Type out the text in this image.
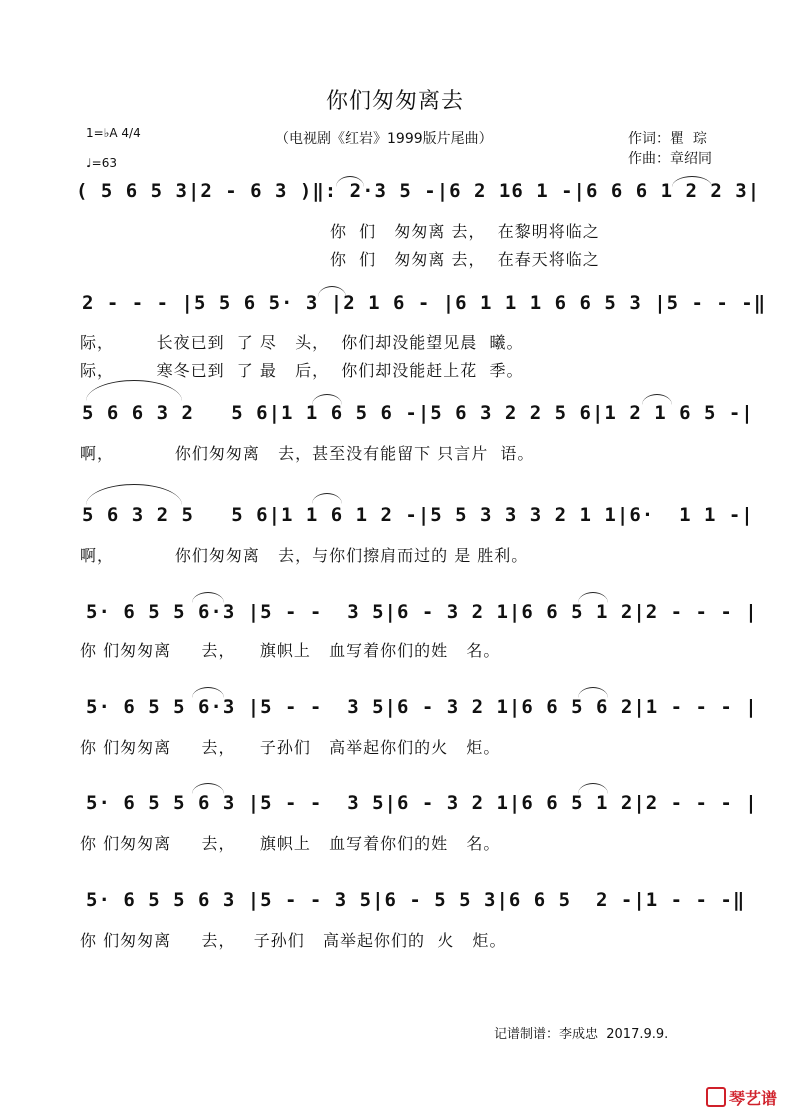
你们匆匆离去
（电视剧《红岩》1999版片尾曲）	作词：瞿  琮
作曲：章绍同
1=♭A 4/4
♩=63
( 5 6 5 3|2 - 6 3 )‖: 2·3 5 -|6 2 16 1 -|6 6 6 1 2 2 3|
你  们   匆匆离 去，  在黎明将临之
你  们   匆匆离 去，  在春天将临之
2 - - - |5 5 6 5· 3 |2 1 6 - |6 1 1 1 6 6 5 3 |5 - - -‖
际，       长夜已到  了 尽   头，  你们却没能望见晨  曦。
际，       寒冬已到  了 最   后，  你们却没能赶上花  季。
5 6 6 3 2   5 6|1 1 6 5 6 -|5 6 3 2 2 5 6|1 2 1 6 5 -|
啊，          你们匆匆离   去，甚至没有能留下 只言片  语。
5 6 3 2 5   5 6|1 1 6 1 2 -|5 5 3 3 3 2 1 1|6·  1 1 -|
啊，          你们匆匆离   去，与你们擦肩而过的 是 胜利。
5· 6 5 5 6·3 |5 - -  3 5|6 - 3 2 1|6 6 5 1 2|2 - - - |
你 们匆匆离     去，    旗帜上   血写着你们的姓   名。
5· 6 5 5 6·3 |5 - -  3 5|6 - 3 2 1|6 6 5 6 2|1 - - - |
你 们匆匆离     去，    子孙们   高举起你们的火   炬。
5· 6 5 5 6 3 |5 - -  3 5|6 - 3 2 1|6 6 5 1 2|2 - - - |
你 们匆匆离     去，    旗帜上   血写着你们的姓   名。
5· 6 5 5 6 3 |5 - - 3 5|6 - 5 5 3|6 6 5  2 -|1 - - -‖
你 们匆匆离     去，   子孙们   高举起你们的  火   炬。
记谱制谱：李成忠  2017.9.9.
琴艺谱
